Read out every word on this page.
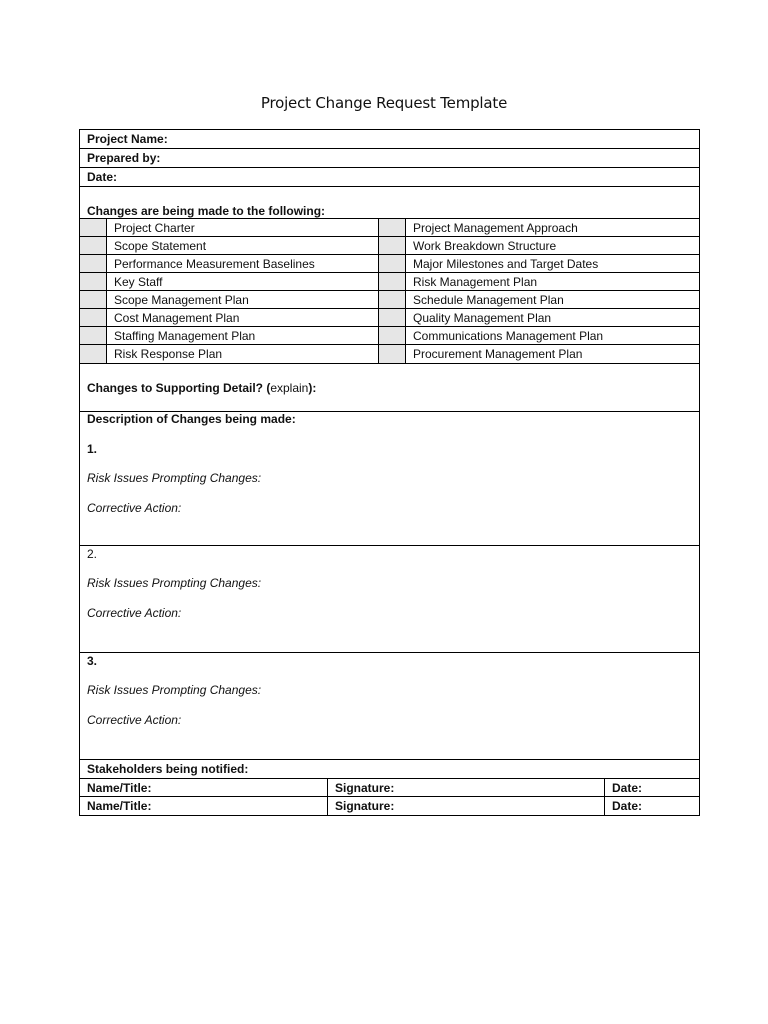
Project Change Request Template
Project Name:
Prepared by:
Date:
Changes are being made to the following:
Project Charter	Project Management Approach
Scope Statement	Work Breakdown Structure
Performance Measurement Baselines	Major Milestones and Target Dates
Key Staff	Risk Management Plan
Scope Management Plan	Schedule Management Plan
Cost Management Plan	Quality Management Plan
Staffing Management Plan	Communications Management Plan
Risk Response Plan	Procurement Management Plan
Changes to Supporting Detail? (explain):
Description of Changes being made:
1.
Risk Issues Prompting Changes:
Corrective Action:
2.
Risk Issues Prompting Changes:
Corrective Action:
3.
Risk Issues Prompting Changes:
Corrective Action:
Stakeholders being notified:
Name/Title:	Signature:	Date:
Name/Title:	Signature:	Date:
